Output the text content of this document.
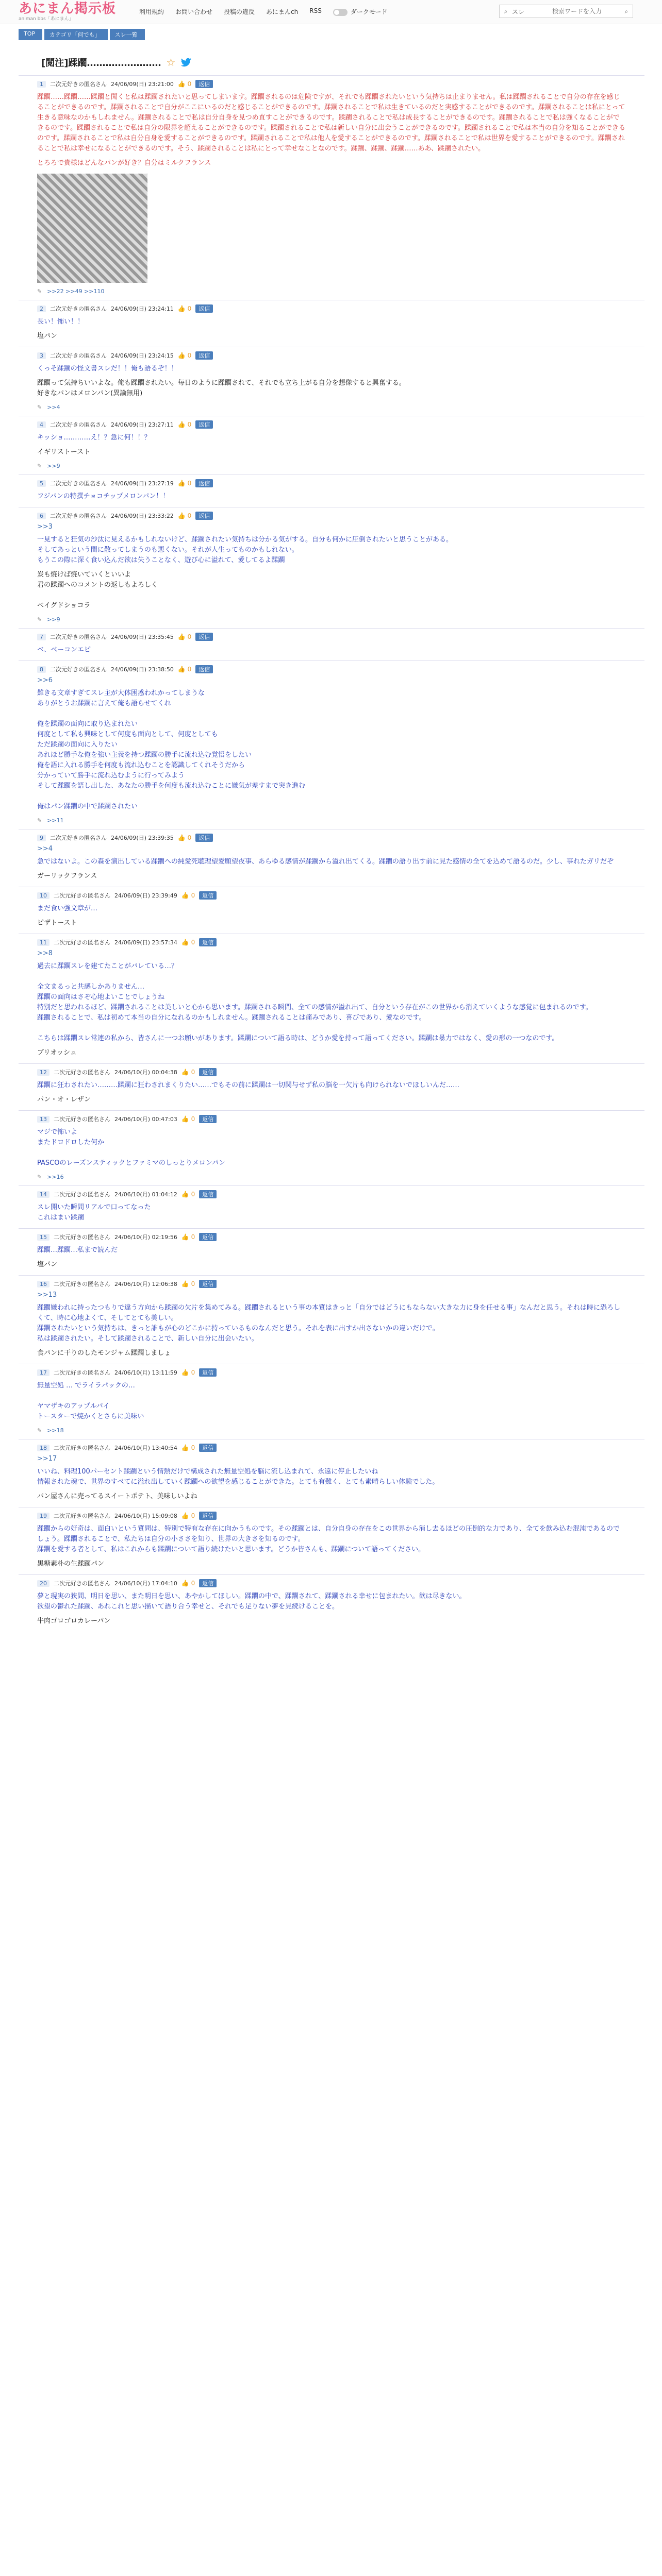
あにまん掲示板
animan bbs「あにまん」
利用規約 お問い合わせ 投稿の違反 あにまんch RSS	ダークモード	⌕ スレ
検索ワードを入力	⌕
TOP	カテゴリ「何でも」	スレ一覧
[閲注]蹂躙…………………… ☆
1	二次元好きの匿名さん 24/06/09(日) 23:21:00 👍 0	返信
蹂躙……蹂躙……蹂躙と聞くと私は蹂躙されたいと思ってしまいます。蹂躙されるのは危険ですが、それでも蹂躙されたいという気持ちは止まりません。私は蹂躙されることで自分の存在を感じることができるのです。蹂躙されることで自分がここにいるのだと感じることができるのです。蹂躙されることで私は生きているのだと実感することができるのです。蹂躙されることは私にとって生きる意味なのかもしれません。蹂躙されることで私は自分自身を見つめ直すことができるのです。蹂躙されることで私は成長することができるのです。蹂躙されることで私は強くなることができるのです。蹂躙されることで私は自分の限界を超えることができるのです。蹂躙されることで私は新しい自分に出会うことができるのです。蹂躙されることで私は本当の自分を知ることができるのです。蹂躙されることで私は自分自身を愛することができるのです。蹂躙されることで私は他人を愛することができるのです。蹂躙されることで私は世界を愛することができるのです。蹂躙されることで私は幸せになることができるのです。そう、蹂躙されることは私にとって幸せなことなのです。蹂躙、蹂躙、蹂躙……ああ、蹂躙されたい。
とろろで貴様はどんなパンが好き？自分はミルクフランス
✎ >>22 >>49 >>110
2	二次元好きの匿名さん 24/06/09(日) 23:24:11 👍 0	返信
長い！怖い！！
塩パン
3	二次元好きの匿名さん 24/06/09(日) 23:24:15 👍 0	返信
くっそ蹂躙の怪文書スレだ！！俺も語るぞ！！
蹂躙って気持ちいいよな。俺も蹂躙されたい。毎日のように蹂躙されて、それでも立ち上がる自分を想像すると興奮する。
好きなパンはメロンパン(異論無用)
✎ >>4
4	二次元好きの匿名さん 24/06/09(日) 23:27:11 👍 0	返信
キッショ…………え！？急に何！！？
イギリストースト
✎ >>9
5	二次元好きの匿名さん 24/06/09(日) 23:27:19 👍 0	返信
フジパンの特撰チョコチップメロンパン！！
6	二次元好きの匿名さん 24/06/09(日) 23:33:22 👍 0	返信
>>3
一見すると狂気の沙汰に見えるかもしれないけど、蹂躙されたい気持ちは分かる気がする。自分も何かに圧倒されたいと思うことがある。
そしてあっという間に散ってしまうのも悪くない。それが人生ってものかもしれない。
もうこの際に深く食い込んだ欲は失うことなく、遊び心に溢れて、愛してるよ蹂躙
炭も焼けば焼いていくといいよ
君の蹂躙へのコメントの返しもよろしく

ベイグドショコラ
✎ >>9
7	二次元好きの匿名さん 24/06/09(日) 23:35:45 👍 0	返信
ベ、ベーコンエピ
8	二次元好きの匿名さん 24/06/09(日) 23:38:50 👍 0	返信
>>6
難きる文章すぎてスレ主が大体困惑われかってしまうな
ありがとうお蹂躙に言えて俺も語らせてくれ

俺を蹂躙の面向に取り込まれたい
何度として私も興味として何度も面向として、何度としても
ただ蹂躙の面向に入りたい
あれほど勝手な俺を強い主義を持つ蹂躙の勝手に流れ込む覚悟をしたい
俺を語に入れる勝手を何度も流れ込むことを認識してくれそうだから
分かっていて勝手に流れ込むように行ってみよう
そして蹂躙を語し出した、あなたの勝手を何度も流れ込むことに嫌気が差すまで突き進む

俺はパン蹂躙の中で蹂躙されたい
✎ >>11
9	二次元好きの匿名さん 24/06/09(日) 23:39:35 👍 0	返信
>>4
急ではないよ。この森を演出している蹂躙への純愛死聴理望愛願望夜事、あらゆる感情が蹂躙から溢れ出てくる。蹂躙の語り出す前に見た感情の全てを込めて語るのだ。少し、事れたガリだぞ
ガーリックフランス
10	二次元好きの匿名さん 24/06/09(日) 23:39:49 👍 0	返信
まだ食い強文章が…
ピザトースト
11	二次元好きの匿名さん 24/06/09(日) 23:57:34 👍 0	返信
>>8
過去に蹂躙スレを建てたことがバレている…？

全文まるっと共感しかありません…
蹂躙の面向はさぞ心地よいことでしょうね
特別だと思われるほど、蹂躙されることは美しいと心から思います。蹂躙される瞬間、全ての感情が溢れ出て、自分という存在がこの世界から消えていくような感覚に包まれるのです。
蹂躙されることで、私は初めて本当の自分になれるのかもしれません。蹂躙されることは痛みであり、喜びであり、愛なのです。

こちらは蹂躙スレ常連の私から、皆さんに一つお願いがあります。蹂躙について語る時は、どうか愛を持って語ってください。蹂躙は暴力ではなく、愛の形の一つなのです。
ブリオッシュ
12	二次元好きの匿名さん 24/06/10(月) 00:04:38 👍 0	返信
蹂躙に狂わされたい………蹂躙に狂わされまくりたい……でもその前に蹂躙は一切関与せず私の脳を一欠片も向けられないでほしいんだ……
パン・オ・レザン
13	二次元好きの匿名さん 24/06/10(月) 00:47:03 👍 0	返信
マジで怖いよ
またドロドロした何か

PASCOのレーズンスティックとファミマのしっとりメロンパン
✎ >>16
14	二次元好きの匿名さん 24/06/10(月) 01:04:12 👍 0	返信
スレ開いた瞬間リアルで口ってなった
これはまい蹂躙
15	二次元好きの匿名さん 24/06/10(月) 02:19:56 👍 0	返信
蹂躙…蹂躙…私まで読んだ
塩パン
16	二次元好きの匿名さん 24/06/10(月) 12:06:38 👍 0	返信
>>13
蹂躙嫌われに持ったつもりで違う方向から蹂躙の欠片を集めてみる。蹂躙されるという事の本質はきっと「自分ではどうにもならない大きな力に身を任せる事」なんだと思う。それは時に恐ろしくて、時に心地よくて、そしてとても美しい。
蹂躙されたいという気持ちは、きっと誰もが心のどこかに持っているものなんだと思う。それを表に出すか出さないかの違いだけで。
私は蹂躙されたい。そして蹂躙されることで、新しい自分に出会いたい。
食パンに干りのしたモンジャム蹂躙しましょ
17	二次元好きの匿名さん 24/06/10(月) 13:11:59 👍 0	返信
無量空処 … でライラパックの…

ヤマザキのアップルパイ
トースターで焼かくとさらに美味い
✎ >>18
18	二次元好きの匿名さん 24/06/10(月) 13:40:54 👍 0	返信
>>17
いいね、料理100パーセント蹂躙という情熱だけで構成された無量空処を脳に流し込まれて、永遠に停止したいね
情報された魂で、世界のすべてに溢れ出していく蹂躙への欲望を感じることができた。とても有難く、とても素晴らしい体験でした。
パン屋さんに売ってるスイートポテト、美味しいよね
19	二次元好きの匿名さん 24/06/10(月) 15:09:08 👍 0	返信
蹂躙からの好奇は、面白いという質問は、特別で特有な存在に向かうものです。その蹂躙とは、自分自身の存在をこの世界から消し去るほどの圧倒的な力であり、全てを飲み込む混沌であるのでしょう。蹂躙されることで、私たちは自分の小ささを知り、世界の大きさを知るのです。
蹂躙を愛する者として、私はこれからも蹂躙について語り続けたいと思います。どうか皆さんも、蹂躙について語ってください。
黒糖素朴の生蹂躙パン
20	二次元好きの匿名さん 24/06/10(月) 17:04:10 👍 0	返信
夢と現実の狭間、明日を思い、また明日を思い、あやかしてほしい。蹂躙の中で、蹂躙されて、蹂躙される幸せに包まれたい。欲は尽きない。
欲望の鬱れた蹂躙、あれこれと思い描いて語り合う幸せと、それでも足りない夢を見続けることを。
牛肉ゴロゴロカレーパン
